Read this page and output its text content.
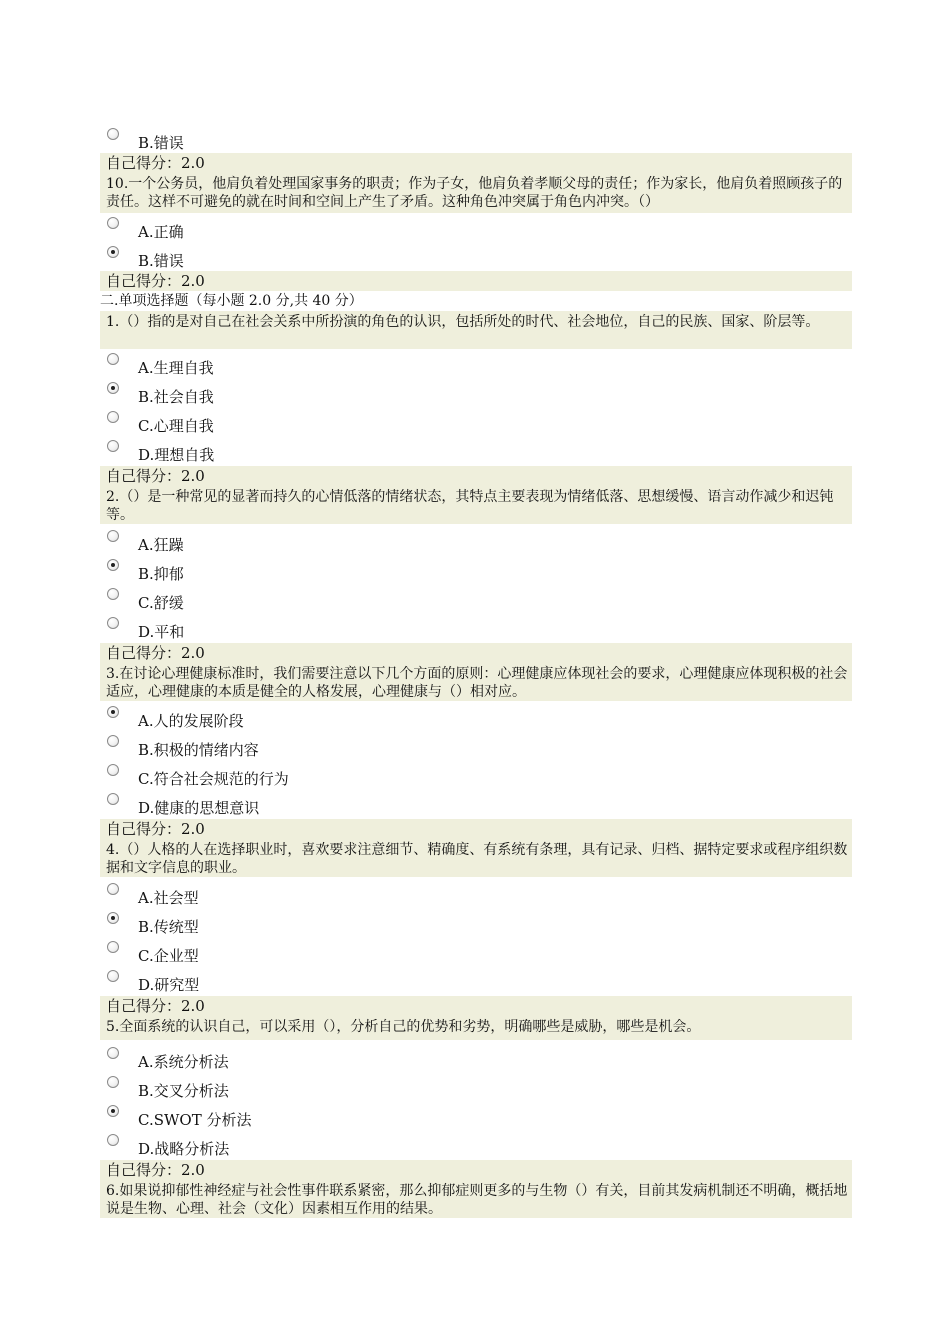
B.错误
自己得分：2.0
10.一个公务员，他肩负着处理国家事务的职责；作为子女，他肩负着孝顺父母的责任；作为家长，他肩负着照顾孩子的责任。这样不可避免的就在时间和空间上产生了矛盾。这种角色冲突属于角色内冲突。（）
A.正确
B.错误
自己得分：2.0
二.单项选择题（每小题 2.0 分,共 40 分）
1.（）指的是对自己在社会关系中所扮演的角色的认识，包括所处的时代、社会地位，自己的民族、国家、阶层等。
A.生理自我
B.社会自我
C.心理自我
D.理想自我
自己得分：2.0
2.（）是一种常见的显著而持久的心情低落的情绪状态，其特点主要表现为情绪低落、思想缓慢、语言动作减少和迟钝等。
A.狂躁
B.抑郁
C.舒缓
D.平和
自己得分：2.0
3.在讨论心理健康标准时，我们需要注意以下几个方面的原则：心理健康应体现社会的要求，心理健康应体现积极的社会适应，心理健康的本质是健全的人格发展，心理健康与（）相对应。
A.人的发展阶段
B.积极的情绪内容
C.符合社会规范的行为
D.健康的思想意识
自己得分：2.0
4.（）人格的人在选择职业时，喜欢要求注意细节、精确度、有系统有条理，具有记录、归档、据特定要求或程序组织数据和文字信息的职业。
A.社会型
B.传统型
C.企业型
D.研究型
自己得分：2.0
5.全面系统的认识自己，可以采用（），分析自己的优势和劣势，明确哪些是威胁，哪些是机会。
A.系统分析法
B.交叉分析法
C.SWOT 分析法
D.战略分析法
自己得分：2.0
6.如果说抑郁性神经症与社会性事件联系紧密，那么抑郁症则更多的与生物（）有关，目前其发病机制还不明确，概括地说是生物、心理、社会（文化）因素相互作用的结果。
